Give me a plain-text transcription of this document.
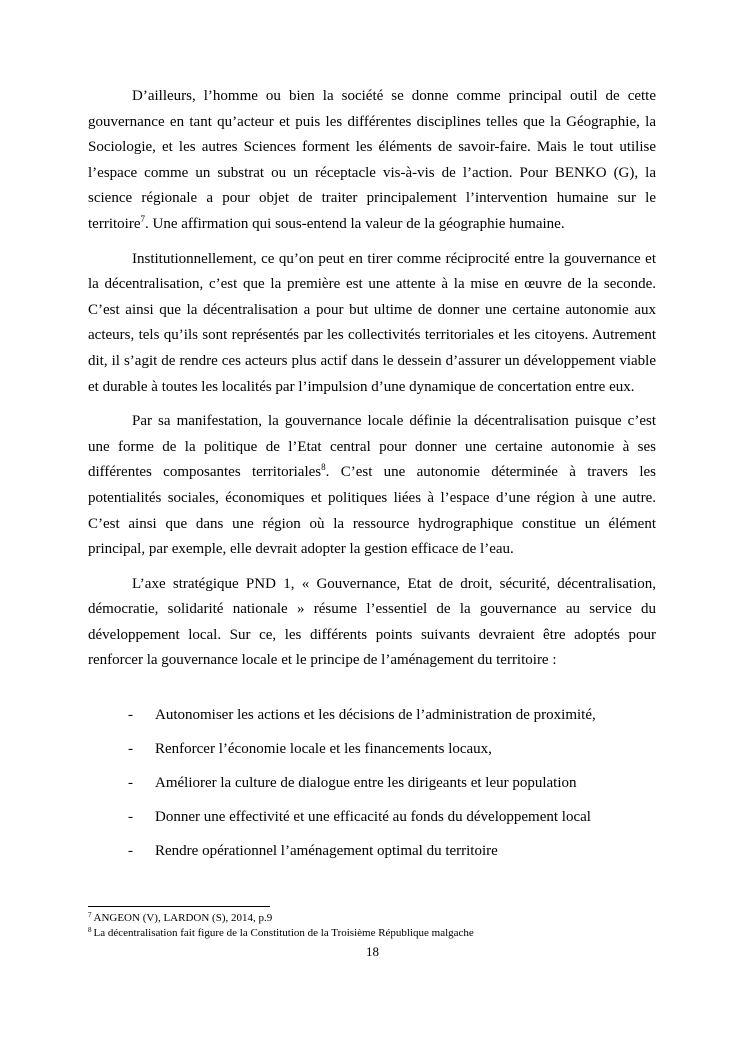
D’ailleurs, l’homme ou bien la société se donne comme principal outil de cette gouvernance en tant qu’acteur et puis les différentes disciplines telles que la Géographie, la Sociologie, et les autres Sciences forment les éléments de savoir-faire. Mais le tout utilise l’espace comme un substrat ou un réceptacle vis-à-vis de l’action. Pour BENKO (G), la science régionale a pour objet de traiter principalement l’intervention humaine sur le territoire$^7$. Une affirmation qui sous-entend la valeur de la géographie humaine.

Institutionnellement, ce qu’on peut en tirer comme réciprocité entre la gouvernance et la décentralisation, c’est que la première est une attente à la mise en œuvre de la seconde. C’est ainsi que la décentralisation a pour but ultime de donner une certaine autonomie aux acteurs, tels qu’ils sont représentés par les collectivités territoriales et les citoyens. Autrement dit, il s’agit de rendre ces acteurs plus actif dans le dessein d’assurer un développement viable et durable à toutes les localités par l’impulsion d’une dynamique de concertation entre eux.

Par sa manifestation, la gouvernance locale définie la décentralisation puisque c’est une forme de la politique de l’Etat central pour donner une certaine autonomie à ses différentes composantes territoriales$^8$. C’est une autonomie déterminée à travers les potentialités sociales, économiques et politiques liées à l’espace d’une région à une autre. C’est ainsi que dans une région où la ressource hydrographique constitue un élément principal, par exemple, elle devrait adopter la gestion efficace de l’eau.

L’axe stratégique PND 1, « Gouvernance, Etat de droit, sécurité, décentralisation, démocratie, solidarité nationale » résume l’essentiel de la gouvernance au service du développement local. Sur ce, les différents points suivants devraient être adoptés pour renforcer la gouvernance locale et le principe de l’aménagement du territoire :

- Autonomiser les actions et les décisions de l’administration de proximité,
- Renforcer l’économie locale et les financements locaux,
- Améliorer la culture de dialogue entre les dirigeants et leur population
- Donner une effectivité et une efficacité au fonds du développement local
- Rendre opérationnel l’aménagement optimal du territoire
$^7$ ANGEON (V), LARDON (S), 2014, p.9
$^8$ La décentralisation fait figure de la Constitution de la Troisième République malgache
18
